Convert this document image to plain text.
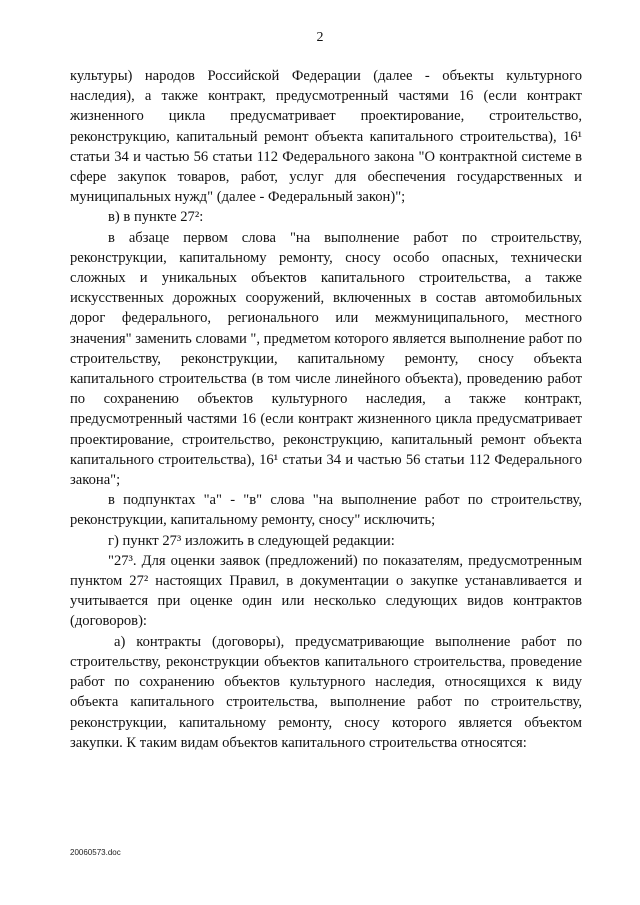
2

культуры) народов Российской Федерации (далее - объекты культурного наследия), а также контракт, предусмотренный частями 16 (если контракт жизненного цикла предусматривает проектирование, строительство, реконструкцию, капитальный ремонт объекта капитального строительства), 16¹ статьи 34 и частью 56 статьи 112 Федерального закона "О контрактной системе в сфере закупок товаров, работ, услуг для обеспечения государственных и муниципальных нужд" (далее - Федеральный закон)";

в) в пункте 27²:

в абзаце первом слова "на выполнение работ по строительству, реконструкции, капитальному ремонту, сносу особо опасных, технически сложных и уникальных объектов капитального строительства, а также искусственных дорожных сооружений, включенных в состав автомобильных дорог федерального, регионального или межмуниципального, местного значения" заменить словами ", предметом которого является выполнение работ по строительству, реконструкции, капитальному ремонту, сносу объекта капитального строительства (в том числе линейного объекта), проведению работ по сохранению объектов культурного наследия, а также контракт, предусмотренный частями 16 (если контракт жизненного цикла предусматривает проектирование, строительство, реконструкцию, капитальный ремонт объекта капитального строительства), 16¹ статьи 34 и частью 56 статьи 112 Федерального закона";

в подпунктах "а" - "в" слова "на выполнение работ по строительству, реконструкции, капитальному ремонту, сносу" исключить;

г) пункт 27³ изложить в следующей редакции:

"27³. Для оценки заявок (предложений) по показателям, предусмотренным пунктом 27² настоящих Правил, в документации о закупке устанавливается и учитывается при оценке один или несколько следующих видов контрактов (договоров):

а) контракты (договоры), предусматривающие выполнение работ по строительству, реконструкции объектов капитального строительства, проведение работ по сохранению объектов культурного наследия, относящихся к виду объекта капитального строительства, выполнение работ по строительству, реконструкции, капитальному ремонту, сносу которого является объектом закупки. К таким видам объектов капитального строительства относятся:

20060573.doc
